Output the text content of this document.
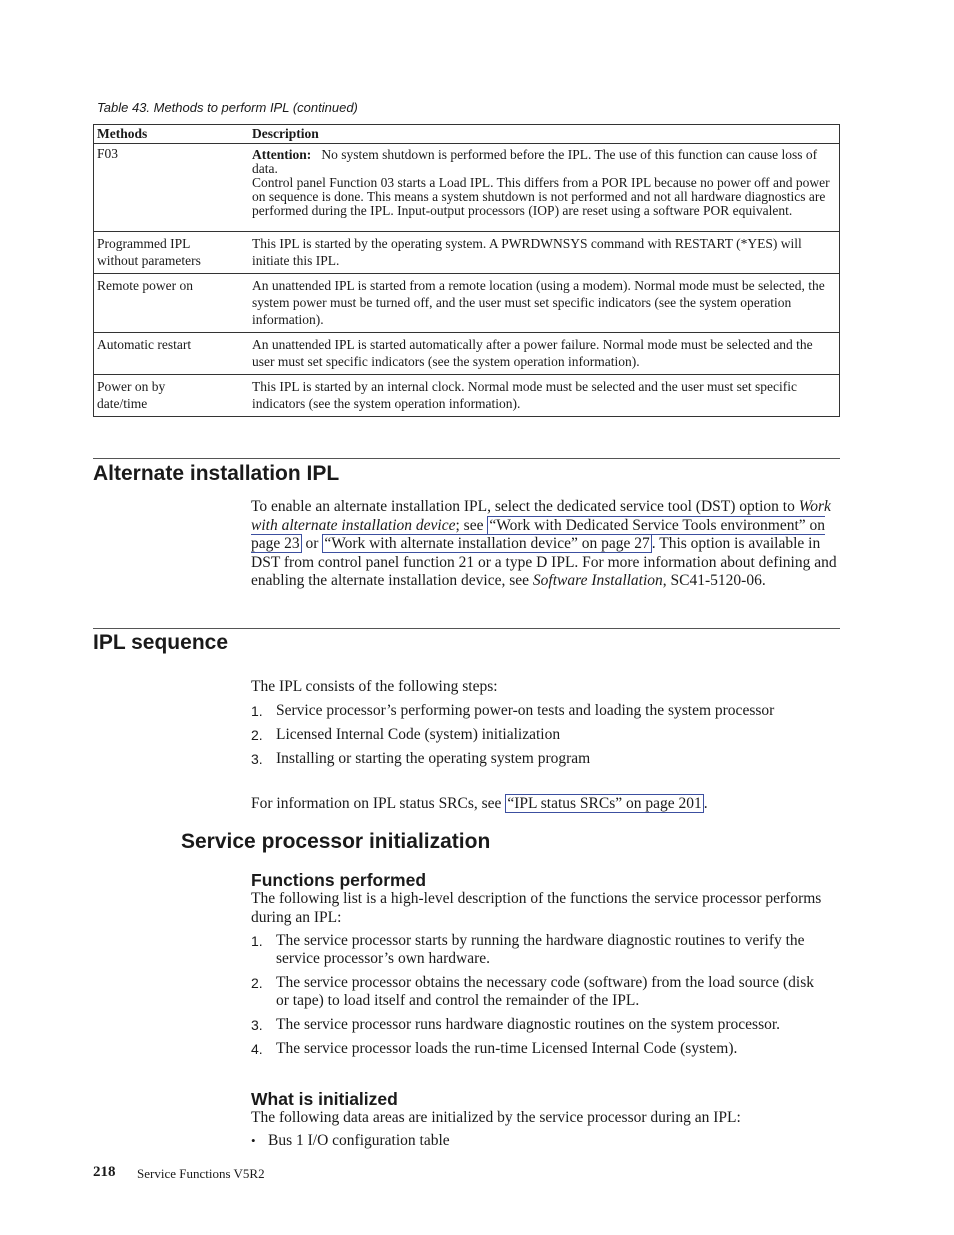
Table 43. Methods to perform IPL (continued)
Methods	Description
F03	Attention: No system shutdown is performed before the IPL. The use of this function can cause loss of data.
Control panel Function 03 starts a Load IPL. This differs from a POR IPL because no power off and power on sequence is done. This means a system shutdown is not performed and not all hardware diagnostics are performed during the IPL. Input-output processors (IOP) are reset using a software POR equivalent.

Programmed IPL
without parameters	This IPL is started by the operating system. A PWRDWNSYS command with RESTART (*YES) will initiate this IPL.

Remote power on	An unattended IPL is started from a remote location (using a modem). Normal mode must be selected, the system power must be turned off, and the user must set specific indicators (see the system operation information).

Automatic restart	An unattended IPL is started automatically after a power failure. Normal mode must be selected and the user must set specific indicators (see the system operation information).

Power on by
date/time	This IPL is started by an internal clock. Normal mode must be selected and the user must set specific indicators (see the system operation information).
Alternate installation IPL
To enable an alternate installation IPL, select the dedicated service tool (DST) option to Work with alternate installation device; see “Work with Dedicated Service Tools environment” on page 23 or “Work with alternate installation device” on page 27 . This option is available in DST from control panel function 21 or a type D IPL. For more information about defining and enabling the alternate installation device, see Software Installation, SC41-5120-06.
IPL sequence
The IPL consists of the following steps:
1. Service processor’s performing power-on tests and loading the system processor
2. Licensed Internal Code (system) initialization
3. Installing or starting the operating system program
For information on IPL status SRCs, see “IPL status SRCs” on page 201 .
Service processor initialization
Functions performed
The following list is a high-level description of the functions the service processor performs during an IPL:
1. The service processor starts by running the hardware diagnostic routines to verify the service processor’s own hardware.
2. The service processor obtains the necessary code (software) from the load source (disk or tape) to load itself and control the remainder of the IPL.
3. The service processor runs hardware diagnostic routines on the system processor.
4. The service processor loads the run-time Licensed Internal Code (system).
What is initialized
The following data areas are initialized by the service processor during an IPL:
• Bus 1 I/O configuration table
218 Service Functions V5R2
